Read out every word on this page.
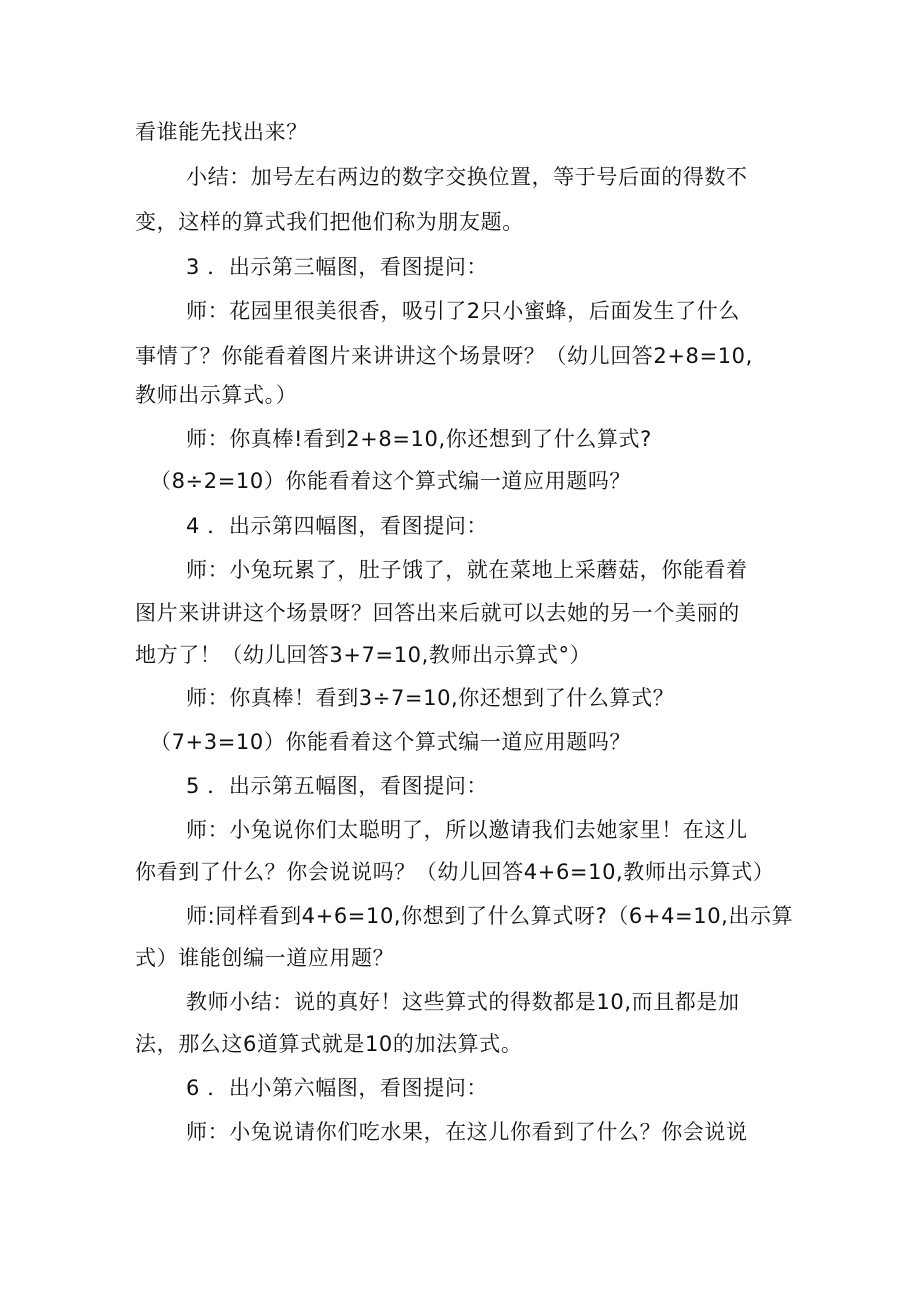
看谁能先找出来？
小结：加号左右两边的数字交换位置，等于号后面的得数不
变，这样的算式我们把他们称为朋友题。
3 ．出示第三幅图，看图提问：
师：花园里很美很香，吸引了2只小蜜蜂，后面发生了什么
事情了？你能看着图片来讲讲这个场景呀？（幼儿回答2+8=10,
教师出示算式。）
师：你真棒!看到2+8=10,你还想到了什么算式?
（8÷2=10）你能看着这个算式编一道应用题吗？
4 ．出示第四幅图，看图提问：
师：小兔玩累了，肚子饿了，就在菜地上采蘑菇，你能看着
图片来讲讲这个场景呀？回答出来后就可以去她的另一个美丽的
地方了！（幼儿回答3+7=10,教师出示算式°）
师：你真棒！看到3÷7=10,你还想到了什么算式？
（7+3=10）你能看着这个算式编一道应用题吗？
5 ．出示第五幅图，看图提问：
师：小兔说你们太聪明了，所以邀请我们去她家里！在这儿
你看到了什么？你会说说吗？（幼儿回答4+6=10,教师出示算式）
师:同样看到4+6=10,你想到了什么算式呀?（6+4=10,出示算
式）谁能创编一道应用题？
教师小结：说的真好！这些算式的得数都是10,而且都是加
法，那么这6道算式就是10的加法算式。
6 ．出小第六幅图，看图提问：
师：小兔说请你们吃水果，在这儿你看到了什么？你会说说
